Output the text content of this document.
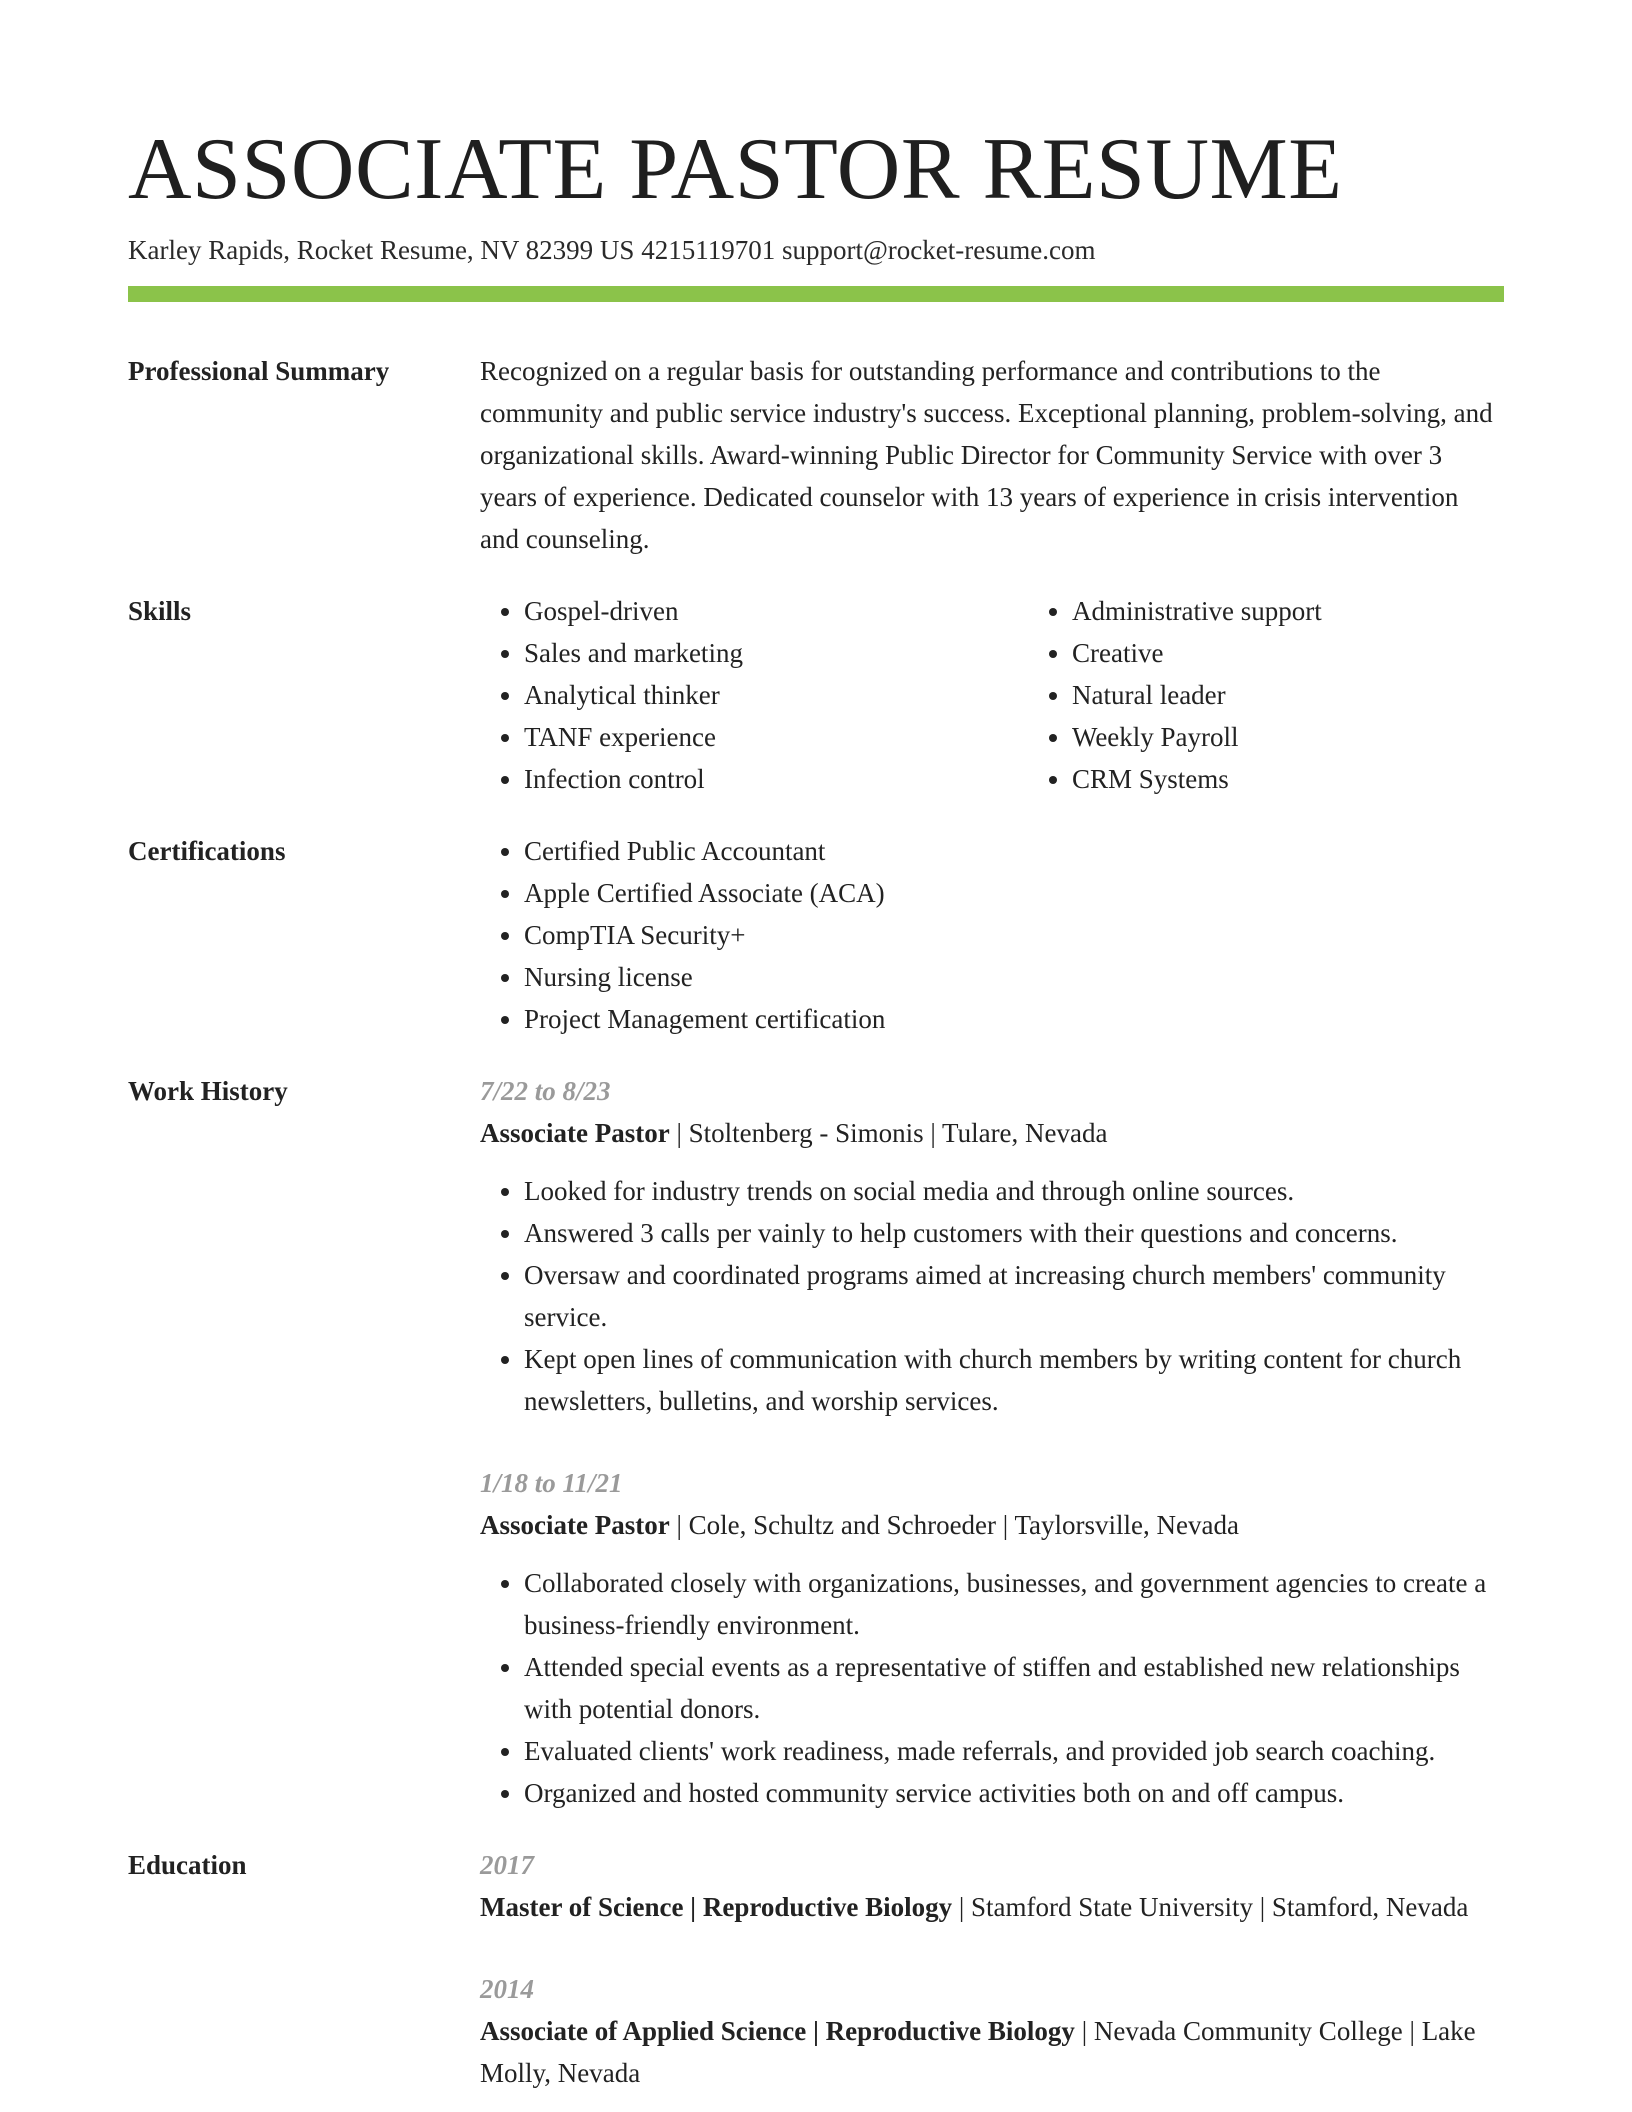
ASSOCIATE PASTOR RESUME
Karley Rapids, Rocket Resume, NV 82399 US 4215119701 support@rocket-resume.com
Professional Summary	Recognized on a regular basis for outstanding performance and contributions to the community and public service industry's success. Exceptional planning, problem-solving, and organizational skills. Award-winning Public Director for Community Service with over 3 years of experience. Dedicated counselor with 13 years of experience in crisis intervention and counseling.

Skills	• Gospel-driven
• Sales and marketing
• Analytical thinker
• TANF experience
• Infection control
• Administrative support
• Creative
• Natural leader
• Weekly Payroll
• CRM Systems
Certifications	• Certified Public Accountant
• Apple Certified Associate (ACA)
• CompTIA Security+
• Nursing license
• Project Management certification
Work History	7/22 to 8/23
Associate Pastor | Stoltenberg - Simonis | Tulare, Nevada
• Looked for industry trends on social media and through online sources.
• Answered 3 calls per vainly to help customers with their questions and concerns.
• Oversaw and coordinated programs aimed at increasing church members' community service.
• Kept open lines of communication with church members by writing content for church newsletters, bulletins, and worship services.
1/18 to 11/21
Associate Pastor | Cole, Schultz and Schroeder | Taylorsville, Nevada
• Collaborated closely with organizations, businesses, and government agencies to create a business-friendly environment.
• Attended special events as a representative of stiffen and established new relationships with potential donors.
• Evaluated clients' work readiness, made referrals, and provided job search coaching.
• Organized and hosted community service activities both on and off campus.
Education	2017
Master of Science | Reproductive Biology | Stamford State University | Stamford, Nevada
2014
Associate of Applied Science | Reproductive Biology | Nevada Community College | Lake Molly, Nevada
